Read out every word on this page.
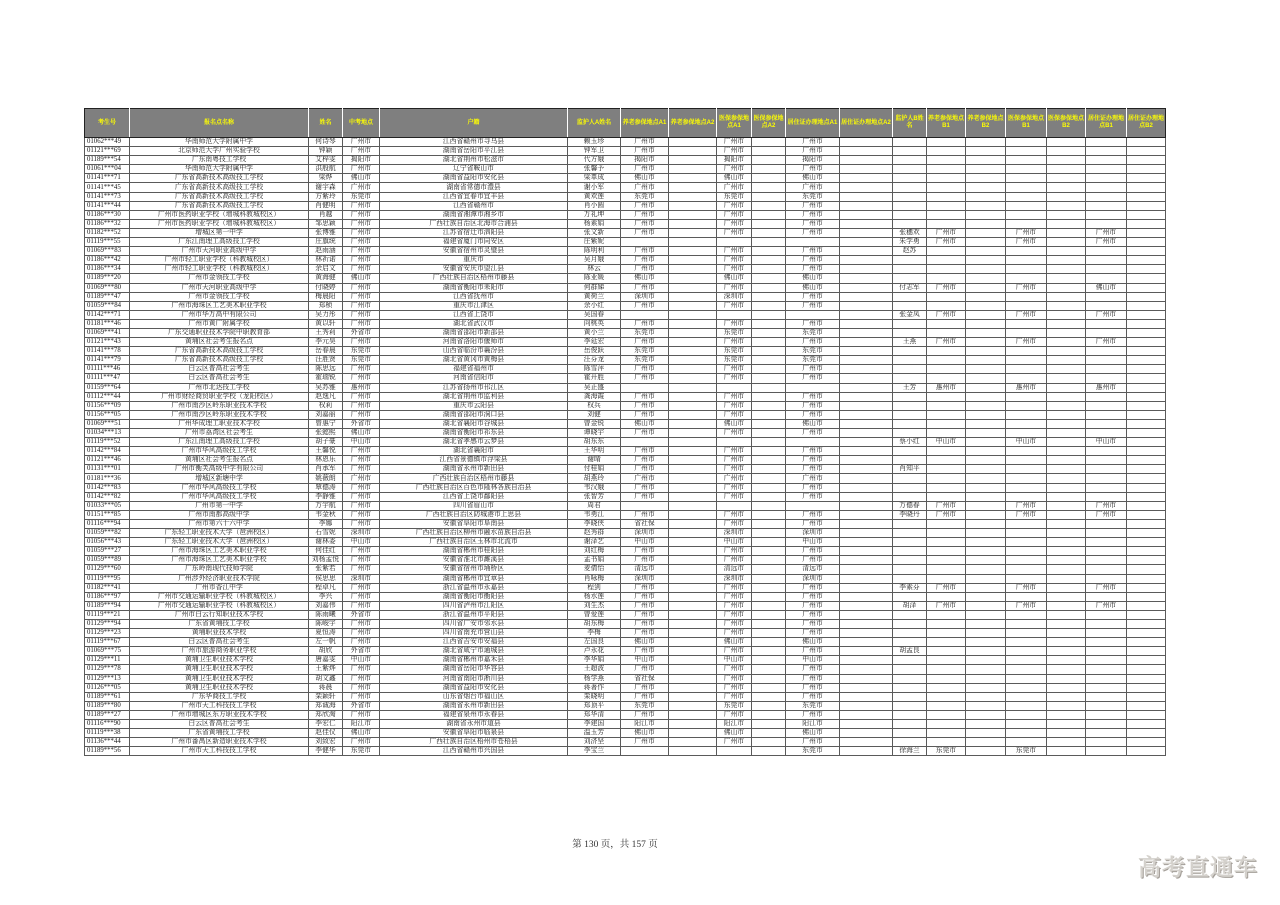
考生号	报名点名称	姓名	中考地点	户籍	监护人A姓名	养老参保地点A1	养老参保地点A2	医保参保地点A1	医保参保地点A2	居住证办理地点A1	居住证办理地点A2	监护人B姓名	养老参保地点B1	养老参保地点B2	医保参保地点B1	医保参保地点B2	居住证办理地点B1	居住证办理地点B2
01062***49	华南师范大学附属中学	何诗琴	广州市	江西省赣州市寻乌县	赖玉珍	广州市		广州市		广州市								
01121***69	北京师范大学广州实验学校	钟颖	广州市	湖南省岳阳市平江县	钟军卫	广州市		广州市		广州市								
01189***54	广东南粤技工学校	艾梓雯	揭阳市	湖北省荆州市松滋市	代方娥	揭阳市		揭阳市		揭阳市								
01061***04	华南师范大学附属中学	洪殷航	广州市	辽宁省鞍山市	张馨予	广州市		广州市		广州市								
01141***71	广东省高新技术高级技工学校	梁烨	佛山市	湖南省益阳市安化县	梁革成	佛山市		佛山市		佛山市								
01141***45	广东省高新技术高级技工学校	谢宇森	广州市	湖南省常德市澧县	谢小军	广州市		广州市		广州市								
01141***73	广东省高新技术高级技工学校	方紫玲	东莞市	江西省宜春市宜丰县	黄欢莲	东莞市		东莞市		东莞市								
01141***44	广东省高新技术高级技工学校	肖健明	广州市	江西省赣州市	肖小圆	广州市		广州市		广州市								
01186***30	广州市医药职业学校（增城科教城校区）	肖越	广州市	湖南省湘潭市湘乡市	万礼坤	广州市		广州市		广州市								
01186***32	广州市医药职业学校（增城科教城校区）	邹思颖	广州市	广西壮族自治区北海市合浦县	杨素娟	广州市		广州市		广州市								
01182***52	增城区第一中学	张博雅	广州市	江苏省宿迁市泗阳县	张文新	广州市		广州市		广州市		张穗欢	广州市		广州市		广州市	
01119***55	广东江南理工高级技工学校	庄旗统	广州市	福建省厦门市同安区	庄紫妮							朱学勇	广州市		广州市		广州市	
01069***83	广州市天河职业高级中学	赵雨涵	广州市	安徽省宿州市灵璧县	陈明利	广州市		广州市		广州市		赵苏						
01186***42	广州市轻工职业学校（科教城校区）	林祈诺	广州市	重庆市	吴月娥	广州市		广州市		广州市								
01186***34	广州市轻工职业学校（科教城校区）	余启文	广州市	安徽省安庆市望江县	林云	广州市		广州市		广州市								
01189***20	广州市金领技工学校	黄海健	佛山市	广西壮族自治区梧州市藤县	陈亚媛	佛山市		佛山市		佛山市								
01069***80	广州市天河职业高级中学	付晓婷	广州市	湖南省衡阳市耒阳市	何群娣	广州市		广州市		佛山市		付志军	广州市		广州市		佛山市	
01189***47	广州市金领技工学校	梅晨阳	广州市	江西省抚州市	黄荷兰	深圳市		深圳市		广州市								
01059***84	广州市海珠区工艺美术职业学校	郑桢	广州市	重庆市江津区	余小红	广州市		广州市		广州市								
01142***71	广州市华万高中有限公司	吴力彤	广州市	江西省上饶市	吴国春							张金凤	广州市		广州市		广州市	
01181***46	广州市黄广附属学校	黄以轩	广州市	湖北省武汉市	向桃英	广州市		广州市		广州市								
01069***41	广东交通职业技术学院中职教育部	王秀莉	外省市	湖南省邵阳市新邵县	黄小兰	东莞市		东莞市		东莞市								
01121***43	黄埔区社会考生报名点	李元昊	广州市	河南省洛阳市偃师市	李延宏	广州市		广州市		广州市		王燕	广州市		广州市		广州市	
01141***78	广东省高新技术高级技工学校	岳春晨	东莞市	山西省临汾市襄汾县	岳俊跃	东莞市		东莞市		东莞市								
01141***79	广东省高新技术高级技工学校	汪胜贤	东莞市	湖北省黄冈市黄梅县	汪芬龙	东莞市		东莞市		东莞市								
01111***46	白云区普高社会考生	陈思远	广州市	福建省福州市	陈雪萍	广州市		广州市		广州市								
01111***47	白云区普高社会考生	霍瑞锐	广州市	河南省信阳市	霍开胜	广州市		广州市		广州市								
01159***64	广州市北达技工学校	吴苏雅	惠州市	江苏省扬州市邗江区	吴正盛							王芳	惠州市		惠州市		惠州市	
01112***44	广州市财经商贸职业学校（龙阳校区）	赵逸凡	广州市	湖北省荆州市监利县	龚海霞	广州市		广州市		广州市								
01156***09	广州市南沙区岭东职业技术学校	权莉	广州市	重庆市云阳县	权兵	广州市		广州市		广州市								
01156***05	广州市南沙区岭东职业技术学校	刘嘉丽	广州市	湖南省邵阳市洞口县	刘健	广州市		广州市		广州市								
01069***51	广州华成理工职业技术学校	曾惠宁	外省市	湖北省襄阳市谷城县	曾金锐	佛山市		佛山市		佛山市								
01034***13	广州市荔湾区社会考生	张懿熙	佛山市	湖南省衡阳市祁东县	谭晓宇	广州市		广州市		广州市								
01119***52	广东江南理工高级技工学校	胡子豪	中山市	湖北省孝感市云梦县	胡东东							蔡小红	中山市		中山市		中山市	
01142***84	广州市华风高级技工学校	王馨悦	广州市	湖北省襄阳市	王华明	广州市		广州市		广州市								
01121***46	黄埔区社会考生报名点	林恩乐	广州市	江西省景德镇市浮梁县	谢晴	广州市		广州市		广州市								
01131***01	广州市衡芙高级中学有限公司	肖承军	广州市	湖南省永州市新田县	付桂娟	广州市		广州市		广州市		肖知平						
01181***36	增城区新塘中学	姚薇朗	广州市	广西壮族自治区梧州市藤县	胡燕玲	广州市		广州市		广州市								
01142***83	广州市华风高级技工学校	覃德涛	广州市	广西壮族自治区百色市隆林各族自治县	韦汉娥	广州市		广州市		广州市								
01142***82	广州市华风高级技工学校	李静雅	广州市	江西省上饶市鄱阳县	张智芳	广州市		广州市		广州市								
01033***05	广州市第一中学	万宇航	广州市	四川省眉山市	周君							万德春	广州市		广州市		广州市	
01151***85	广州市南都高级中学	韦金秋	广州市	广西壮族自治区防城港市上思县	韦勇江	广州市		广州市		广州市		李晓丹	广州市		广州市		广州市	
01116***94	广州市第六十六中学	李娜	广州市	安徽省阜阳市阜南县	李晓侠	省社保		广州市		广州市								
01059***82	广东轻工职业技术大学（琶洲校区）	石雪妮	深圳市	广西壮族自治区柳州市融水苗族自治县	赵秀群	深圳市		深圳市		深圳市								
01056***43	广东轻工职业技术大学（琶洲校区）	谢林委	中山市	广西壮族自治区玉林市北流市	谢泽艺	中山市		中山市		中山市								
01059***27	广州市海珠区工艺美术职业学校	何佳红	广州市	湖南省郴州市桂阳县	刘红梅	广州市		广州市		广州市								
01059***89	广州市海珠区工艺美术职业学校	刘杨孟悦	广州市	安徽省淮北市濉溪县	孟书娟	广州市		广州市		广州市								
01129***60	广东岭南现代技师学院	张紫若	广州市	安徽省宿州市埇桥区	麦倩怡	清远市		清远市		清远市								
01119***95	广州涉外经济职业技术学院	侯思思	深圳市	湖南省郴州市宜章县	肖咏梅	深圳市		深圳市		深圳市								
01182***41	广州市香江中学	程卓凡	广州市	浙江省温州市永嘉县	程剑	广州市		广州市		广州市		李素芬	广州市		广州市		广州市	
01186***97	广州市交通运输职业学校（科教城校区）	李兴	广州市	湖南省衡阳市衡阳县	杨水莲	广州市		广州市		广州市								
01189***94	广州市交通运输职业学校（科教城校区）	刘嘉伟	广州市	四川省泸州市江阳区	刘生杰	广州市		广州市		广州市		胡泽	广州市		广州市		广州市	
01119***21	广州市白云行知职业技术学校	陈雨曦	外省市	浙江省温州市平阳县	曾爱莲	广州市		广州市		广州市								
01129***94	广东省黄埔技工学校	陈峻宇	广州市	四川省广安市邻水县	胡东梅	广州市		广州市		广州市								
01129***23	黄埔职业技术学校	夏恒涛	广州市	四川省南充市营山县	李梅	广州市		广州市		广州市								
01119***67	白云区普高社会考生	左一帆	广州市	江西省吉安市安福县	左国良	佛山市		佛山市		佛山市								
01069***75	广州市旅游商务职业学校	胡欣	外省市	湖北省咸宁市通城县	卢永花	广州市		广州市		广州市		胡孟良						
01129***11	黄埔卫生职业技术学校	唐嘉雯	中山市	湖南省郴州市嘉禾县	李华娟	中山市		中山市		中山市								
01129***78	黄埔卫生职业技术学校	王紫烨	广州市	湖南省岳阳市华容县	王超波	广州市		广州市		广州市								
01129***13	黄埔卫生职业技术学校	胡文鑫	广州市	河南省南阳市淅川县	杨学燕	省社保		广州市		广州市								
01126***05	黄埔卫生职业技术学校	蒋晨	广州市	湖南省益阳市安化县	蒋著作	广州市		广州市		广州市								
01189***61	广东华商技工学校	栾颖轩	广州市	山东省烟台市福山区	栾晓明	广州市		广州市		广州市								
01189***80	广州市天工科技技工学校	郑诚海	外省市	湖南省永州市新田县	郑顶平	东莞市		东莞市		东莞市								
01189***27	广州市增城区东方职业技术学校	郑欣淘	广州市	福建省泉州市永春县	郑华清	广州市		广州市		广州市								
01116***90	白云区普高社会考生	李宏仁	阳江市	湖南省永州市道县	李建国	阳江市		阳江市		阳江市								
01119***38	广东省黄埔技工学校	赵佳仪	佛山市	安徽省阜阳市临泉县	温玉芳	佛山市		佛山市		佛山市								
01136***44	广州市番禺区新造职业技术学校	刘致宏	广州市	广西壮族自治区梧州市苍梧县	刘济坚	广州市		广州市		广州市								
01189***56	广州市天工科技技工学校	李健华	东莞市	江西省赣州市兴国县	李宝兰					东莞市		徐海兰	东莞市		东莞市			
第 130 页，共 157 页
高考直通车
